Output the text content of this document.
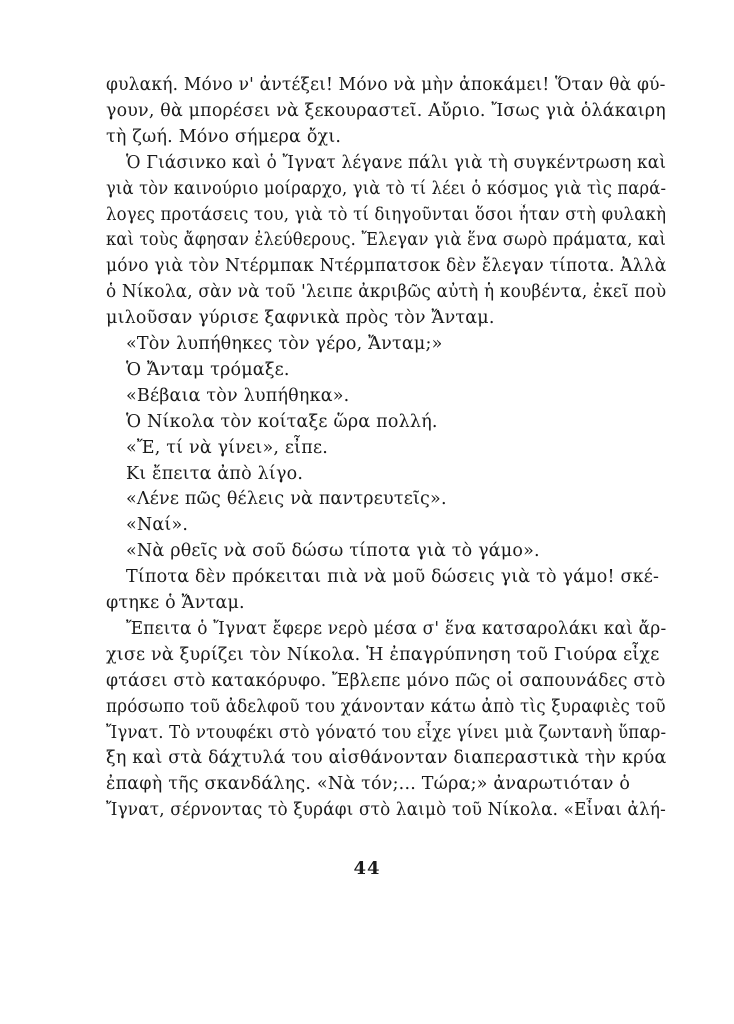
φυλακή. Μόνο ν' ἀντέξει! Μόνο νὰ μὴν ἀποκάμει! Ὅταν θὰ φύ-
γουν, θὰ μπορέσει νὰ ξεκουραστεῖ. Αὔριο. Ἴσως γιὰ ὁλάκαιρη
τὴ ζωή. Μόνο σήμερα ὄχι.
Ὁ Γιάσινκο καὶ ὁ Ἴγνατ λέγανε πάλι γιὰ τὴ συγκέντρωση καὶ
γιὰ τὸν καινούριο μοίραρχο, γιὰ τὸ τί λέει ὁ κόσμος γιὰ τὶς παρά-
λογες προτάσεις του, γιὰ τὸ τί διηγοῦνται ὅσοι ἦταν στὴ φυλακὴ
καὶ τοὺς ἄφησαν ἐλεύθερους. Ἔλεγαν γιὰ ἕνα σωρὸ πράματα, καὶ
μόνο γιὰ τὸν Ντέρμπακ Ντέρμπατσοκ δὲν ἔλεγαν τίποτα. Ἀλλὰ
ὁ Νίκολα, σὰν νὰ τοῦ 'λειπε ἀκριβῶς αὐτὴ ἡ κουβέντα, ἐκεῖ ποὺ
μιλοῦσαν γύρισε ξαφνικὰ πρὸς τὸν Ἄνταμ.
«Τὸν λυπήθηκες τὸν γέρο, Ἄνταμ;»
Ὁ Ἄνταμ τρόμαξε.
«Βέβαια τὸν λυπήθηκα».
Ὁ Νίκολα τὸν κοίταξε ὥρα πολλή.
«Ἔ, τί νὰ γίνει», εἶπε.
Κι ἔπειτα ἀπὸ λίγο.
«Λένε πῶς θέλεις νὰ παντρευτεῖς».
«Ναί».
«Νὰ ρθεῖς νὰ σοῦ δώσω τίποτα γιὰ τὸ γάμο».
Τίποτα δὲν πρόκειται πιὰ νὰ μοῦ δώσεις γιὰ τὸ γάμο! σκέ-
φτηκε ὁ Ἄνταμ.
Ἔπειτα ὁ Ἴγνατ ἔφερε νερὸ μέσα σ' ἕνα κατσαρολάκι καὶ ἄρ-
χισε νὰ ξυρίζει τὸν Νίκολα. Ἡ ἐπαγρύπνηση τοῦ Γιούρα εἶχε
φτάσει στὸ κατακόρυφο. Ἔβλεπε μόνο πῶς οἱ σαπουνάδες στὸ
πρόσωπο τοῦ ἀδελφοῦ του χάνονταν κάτω ἀπὸ τὶς ξυραφιὲς τοῦ
Ἴγνατ. Τὸ ντουφέκι στὸ γόνατό του εἶχε γίνει μιὰ ζωντανὴ ὕπαρ-
ξη καὶ στὰ δάχτυλά του αἰσθάνονταν διαπεραστικὰ τὴν κρύα
ἐπαφὴ τῆς σκανδάλης. «Νὰ τόν;... Τώρα;» ἀναρωτιόταν ὁ
Ἴγνατ, σέρνοντας τὸ ξυράφι στὸ λαιμὸ τοῦ Νίκολα. «Εἶναι ἀλή-
44
